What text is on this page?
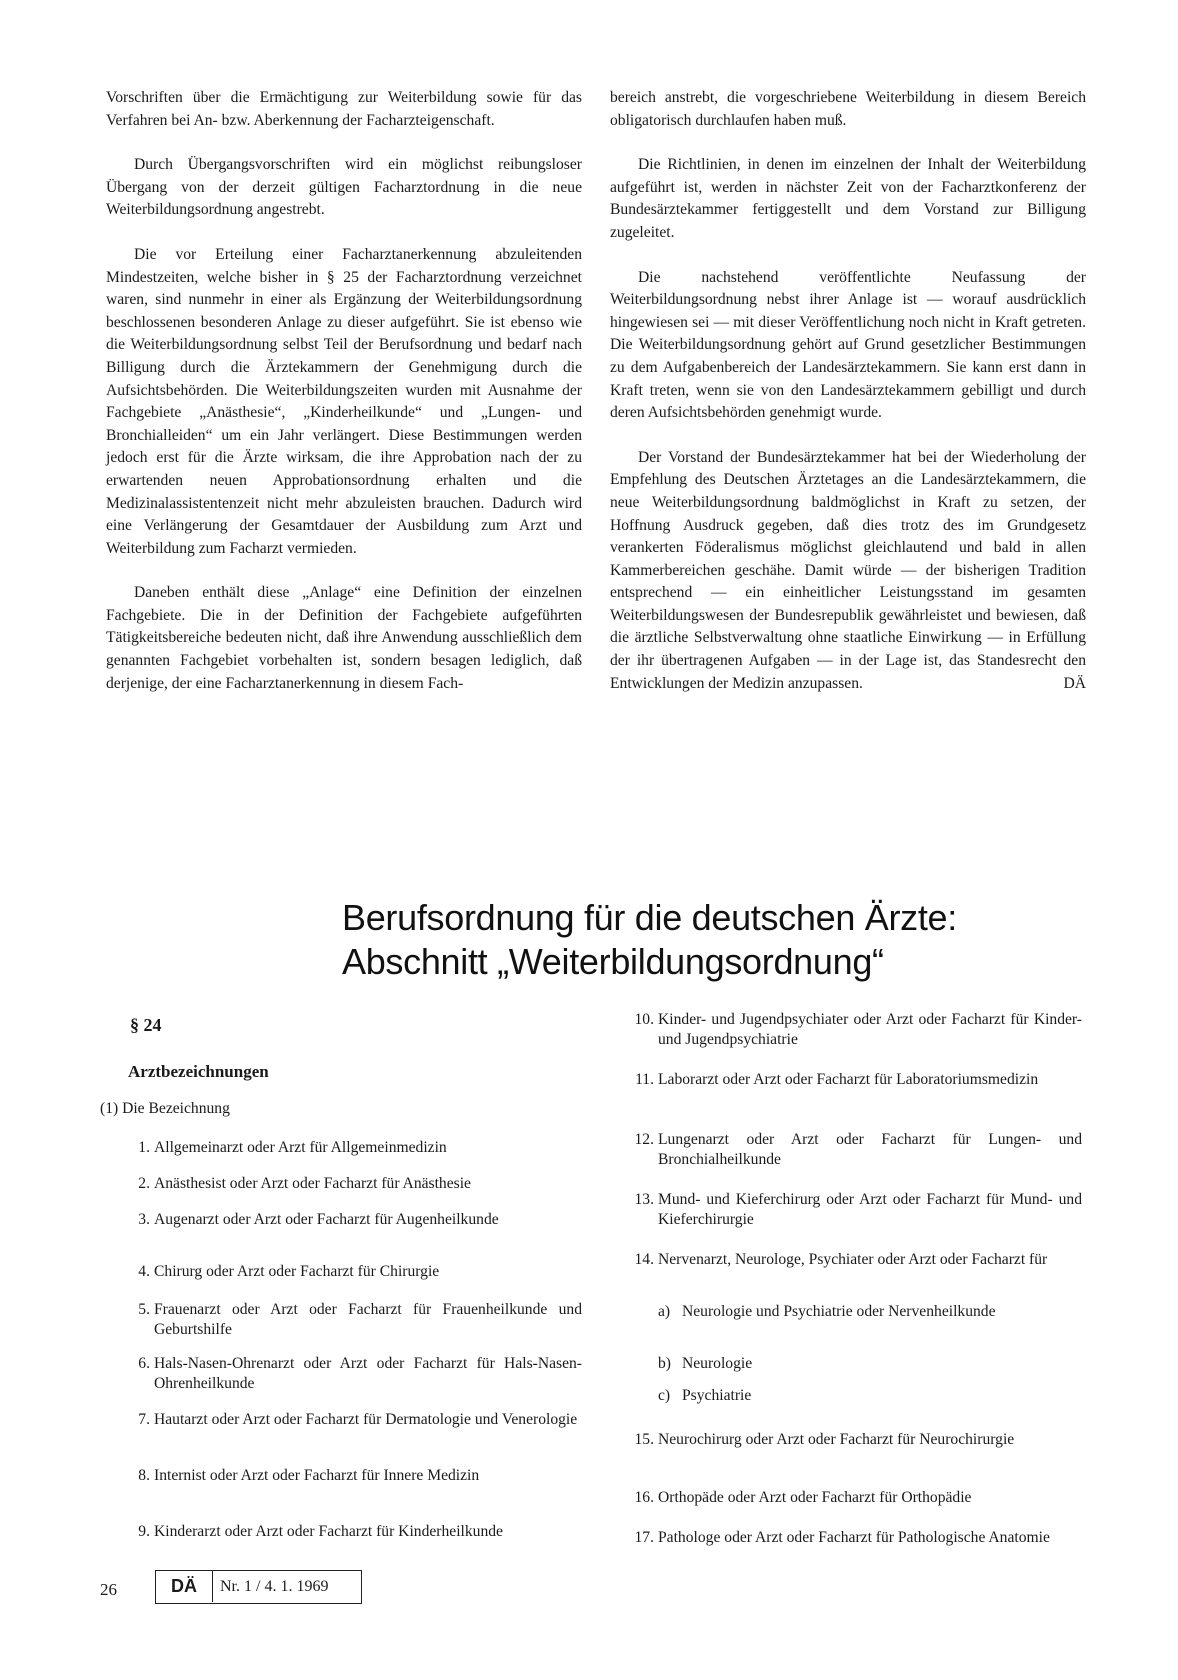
Vorschriften über die Ermächtigung zur Weiterbildung sowie für das Verfahren bei An- bzw. Aberkennung der Facharzteigenschaft.

Durch Übergangsvorschriften wird ein möglichst reibungsloser Übergang von der derzeit gültigen Facharztordnung in die neue Weiterbildungsordnung angestrebt.

Die vor Erteilung einer Facharztanerkennung abzuleitenden Mindestzeiten, welche bisher in § 25 der Facharztordnung verzeichnet waren, sind nunmehr in einer als Ergänzung der Weiterbildungsordnung beschlossenen besonderen Anlage zu dieser aufgeführt. Sie ist ebenso wie die Weiterbildungsordnung selbst Teil der Berufsordnung und bedarf nach Billigung durch die Ärztekammern der Genehmigung durch die Aufsichtsbehörden. Die Weiterbildungszeiten wurden mit Ausnahme der Fachgebiete „Anästhesie“, „Kinderheilkunde“ und „Lungen- und Bronchialleiden“ um ein Jahr verlängert. Diese Bestimmungen werden jedoch erst für die Ärzte wirksam, die ihre Approbation nach der zu erwartenden neuen Approbationsordnung erhalten und die Medizinalassistentenzeit nicht mehr abzuleisten brauchen. Dadurch wird eine Verlängerung der Gesamtdauer der Ausbildung zum Arzt und Weiterbildung zum Facharzt vermieden.

Daneben enthält diese „Anlage“ eine Definition der einzelnen Fachgebiete. Die in der Definition der Fachgebiete aufgeführten Tätigkeitsbereiche bedeuten nicht, daß ihre Anwendung ausschließlich dem genannten Fachgebiet vorbehalten ist, sondern besagen lediglich, daß derjenige, der eine Facharztanerkennung in diesem Fach-

bereich anstrebt, die vorgeschriebene Weiterbildung in diesem Bereich obligatorisch durchlaufen haben muß.

Die Richtlinien, in denen im einzelnen der Inhalt der Weiterbildung aufgeführt ist, werden in nächster Zeit von der Facharztkonferenz der Bundesärztekammer fertiggestellt und dem Vorstand zur Billigung zugeleitet.

Die nachstehend veröffentlichte Neufassung der Weiterbildungsordnung nebst ihrer Anlage ist — worauf ausdrücklich hingewiesen sei — mit dieser Veröffentlichung noch nicht in Kraft getreten. Die Weiterbildungsordnung gehört auf Grund gesetzlicher Bestimmungen zu dem Aufgabenbereich der Landesärztekammern. Sie kann erst dann in Kraft treten, wenn sie von den Landesärztekammern gebilligt und durch deren Aufsichtsbehörden genehmigt wurde.

Der Vorstand der Bundesärztekammer hat bei der Wiederholung der Empfehlung des Deutschen Ärztetages an die Landesärztekammern, die neue Weiterbildungsordnung baldmöglichst in Kraft zu setzen, der Hoffnung Ausdruck gegeben, daß dies trotz des im Grundgesetz verankerten Föderalismus möglichst gleichlautend und bald in allen Kammerbereichen geschähe. Damit würde — der bisherigen Tradition entsprechend — ein einheitlicher Leistungsstand im gesamten Weiterbildungswesen der Bundesrepublik gewährleistet und bewiesen, daß die ärztliche Selbstverwaltung ohne staatliche Einwirkung — in Erfüllung der ihr übertragenen Aufgaben — in der Lage ist, das Standesrecht den Entwicklungen der Medizin anzupassen.	DÄ

Berufsordnung für die deutschen Ärzte:
Abschnitt „Weiterbildungsordnung“
§ 24
Arztbezeichnungen
(1) Die Bezeichnung
1. Allgemeinarzt oder Arzt für Allgemeinmedizin
2. Anästhesist oder Arzt oder Facharzt für Anästhesie
3. Augenarzt oder Arzt oder Facharzt für Augenheilkunde
4. Chirurg oder Arzt oder Facharzt für Chirurgie
5. Frauenarzt oder Arzt oder Facharzt für Frauenheilkunde und Geburtshilfe
6. Hals-Nasen-Ohrenarzt oder Arzt oder Facharzt für Hals-Nasen-Ohrenheilkunde
7. Hautarzt oder Arzt oder Facharzt für Dermatologie und Venerologie
8. Internist oder Arzt oder Facharzt für Innere Medizin
9. Kinderarzt oder Arzt oder Facharzt für Kinderheilkunde
10. Kinder- und Jugendpsychiater oder Arzt oder Facharzt für Kinder- und Jugendpsychiatrie
11. Laborarzt oder Arzt oder Facharzt für Laboratoriumsmedizin
12. Lungenarzt oder Arzt oder Facharzt für Lungen- und Bronchialheilkunde
13. Mund- und Kieferchirurg oder Arzt oder Facharzt für Mund- und Kieferchirurgie
14. Nervenarzt, Neurologe, Psychiater oder Arzt oder Facharzt für
a) Neurologie und Psychiatrie oder Nervenheilkunde
b) Neurologie
c) Psychiatrie
15. Neurochirurg oder Arzt oder Facharzt für Neurochirurgie
16. Orthopäde oder Arzt oder Facharzt für Orthopädie
17. Pathologe oder Arzt oder Facharzt für Pathologische Anatomie
26	DÄ	Nr. 1 / 4. 1. 1969
